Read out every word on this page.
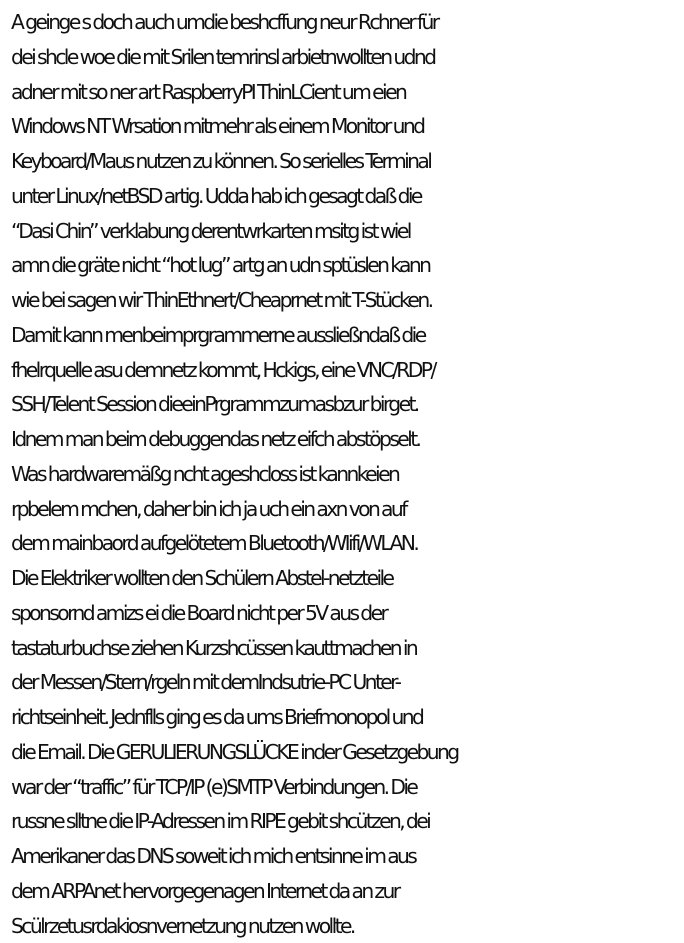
A geinge s doch auch umdie beshcffung neur Rchner für
dei shcle woe die mit Srilen temrinsl arbietnwollten udnd
adner mit so ner art RaspberryPI ThinLCient um eien
Windows NT Wrsation mitmehr als einem Monitor und
Keyboard/Maus nutzen zu können. So serielles Terminal
unter Linux/netBSD artig. Udda hab ich gesagt daß die
“Dasi Chin” verklabung derentwrkarten msitg ist wiel
amn die gräte nicht “hot lug” artg an udn sptüslen kann
wie bei sagen wir ThinEthnert/Cheaprnet mit T-Stücken.
Damit kann menbeimprgrammerne aussließndaß die
fhelrquelle asu demnetz kommt, Hckigs, eine VNC/RDP/
SSH/Telent Session dieeinPrgrammzumasbzur birget.
Idnem man beim debuggendas netz eifch abstöpselt.
Was hardwaremäßg ncht ageshcloss ist kannkeien
rpbelem mchen, daher bin ich ja uch ein axn von auf
dem mainbaord aufgelötetem Bluetooth/WIifi/WLAN.
Die Elektriker wollten den Schülern Abstel-netzteile
sponsornd amizs ei die Board nicht per 5V aus der
tastaturbuchse ziehen Kurzshcüssen kauttmachen in
der Messen/Stern/rgeln mit demIndsutrie-PC Unter-
richtseinheit. Jednflls ging es da ums Briefmonopol und
die Email. Die GERULIERUNGSLÜCKE inder Gesetzgebung
war der “traffic” für TCP/IP (e)SMTP Verbindungen. Die
russne slltne die IP-Adressen im RIPE gebit shcützen, dei
Amerikaner das DNS soweit ich mich entsinne im aus
dem ARPAnet hervorgegenagen Internet da an zur
Scülrzetusrdakiosnvernetzung nutzen wollte.
